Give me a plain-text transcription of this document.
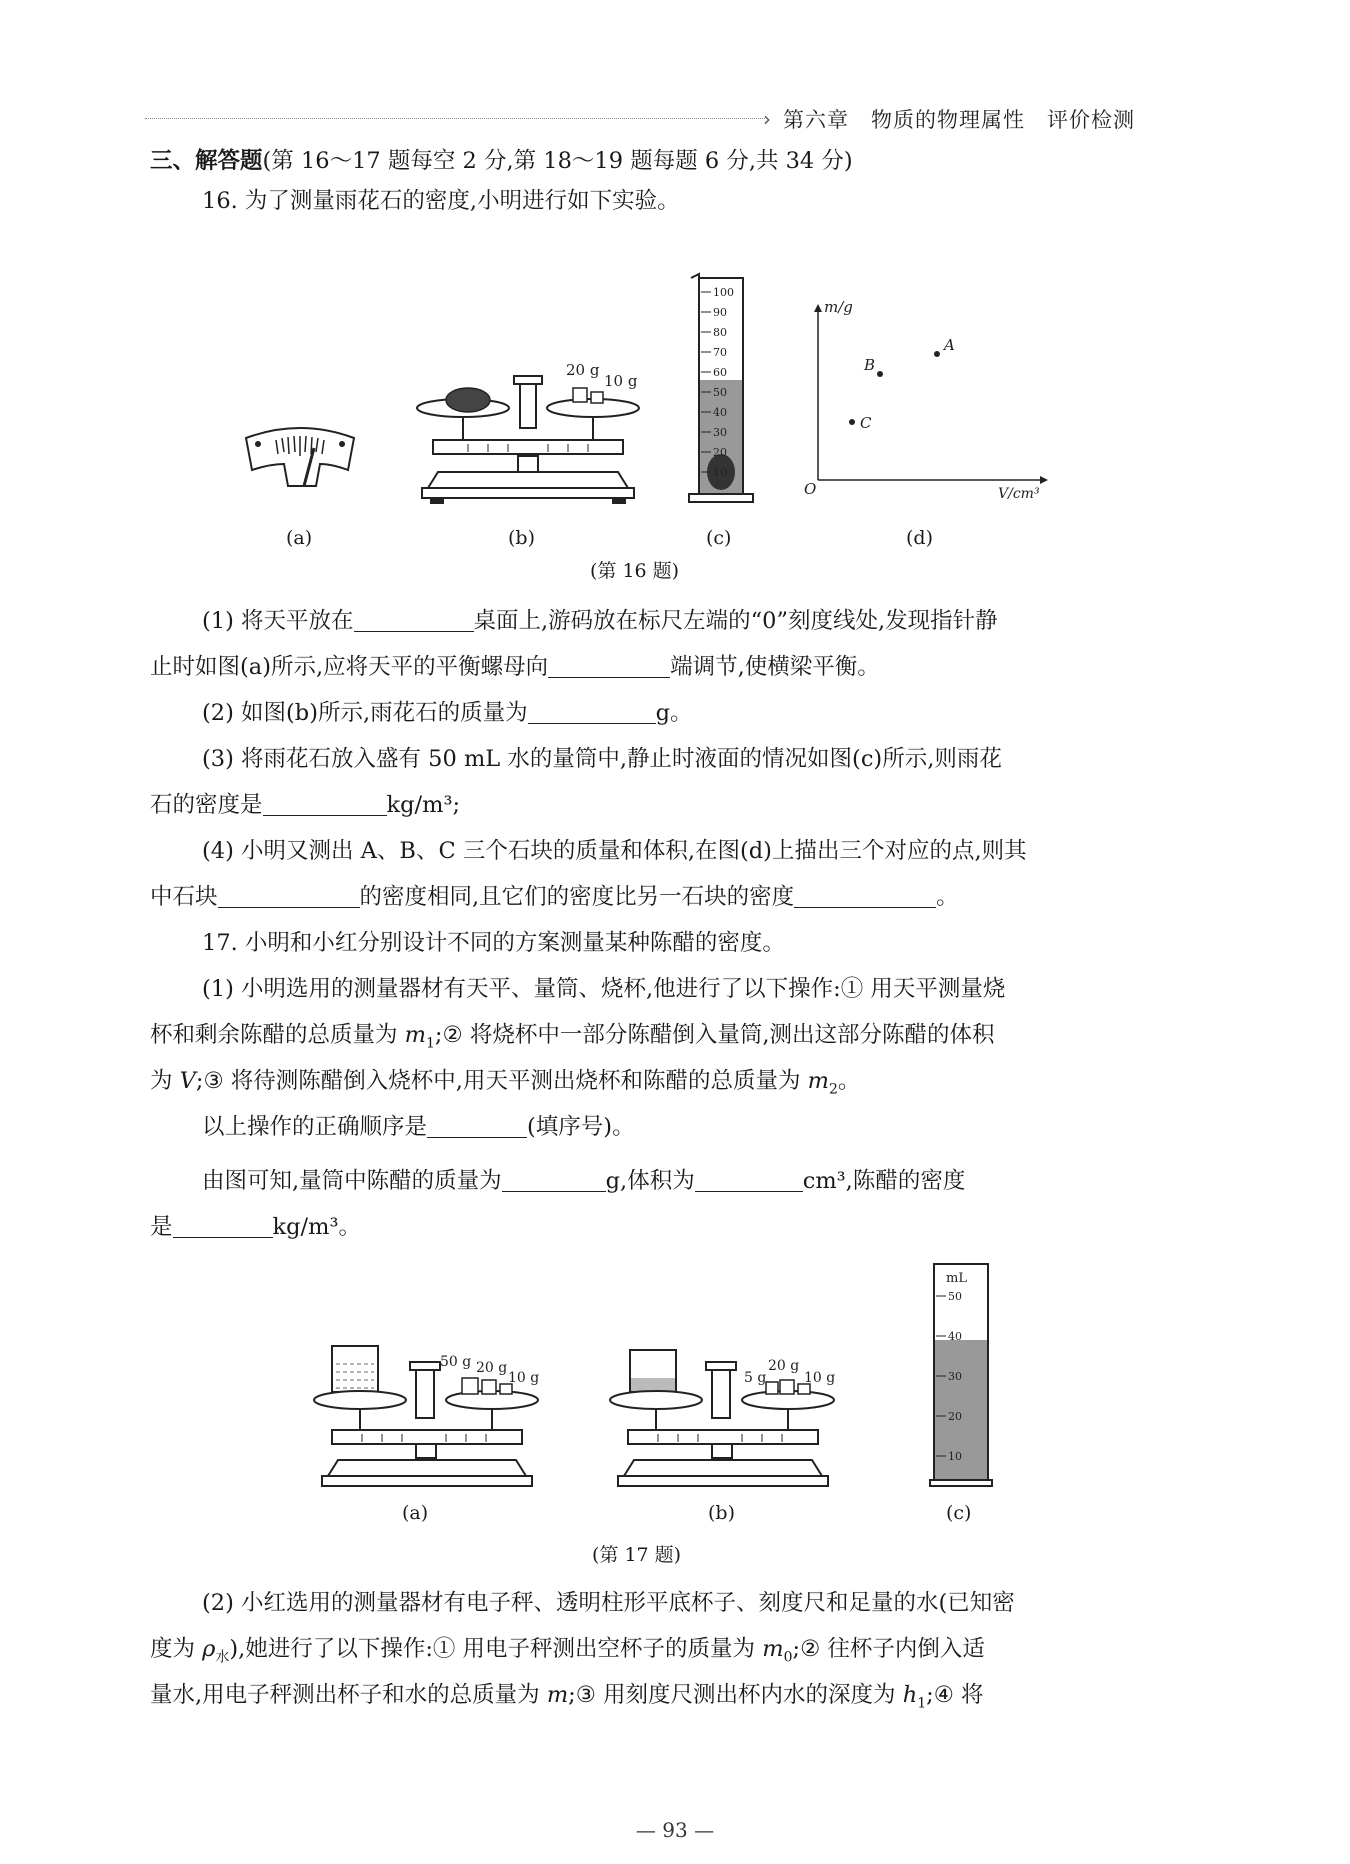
› 第六章　物质的物理属性　评价检测
三、解答题(第 16～17 题每空 2 分,第 18～19 题每题 6 分,共 34 分)
16. 为了测量雨花石的密度,小明进行如下实验。
(a)
20 g
10 g
(b)
100
90
80
70
60
50
40
30
20
10
(c)
m/g
V/cm³
O
A
B
C
(d)
(第 16 题)
(1) 将天平放在	桌面上,游码放在标尺左端的“0”刻度线处,发现指针静
止时如图(a)所示,应将天平的平衡螺母向	端调节,使横梁平衡。
(2) 如图(b)所示,雨花石的质量为	g。
(3) 将雨花石放入盛有 50 mL 水的量筒中,静止时液面的情况如图(c)所示,则雨花
石的密度是	kg/m³;
(4) 小明又测出 A、B、C 三个石块的质量和体积,在图(d)上描出三个对应的点,则其
中石块	的密度相同,且它们的密度比另一石块的密度	。
17. 小明和小红分别设计不同的方案测量某种陈醋的密度。
(1) 小明选用的测量器材有天平、量筒、烧杯,他进行了以下操作:① 用天平测量烧
杯和剩余陈醋的总质量为 $m_1;②$ 将烧杯中一部分陈醋倒入量筒,测出这部分陈醋的体积
为 V;③ 将待测陈醋倒入烧杯中,用天平测出烧杯和陈醋的总质量为 $m_2$。
以上操作的正确顺序是	(填序号)。
由图可知,量筒中陈醋的质量为	g,体积为	cm³,陈醋的密度
是	kg/m³。
50 g 20 g
10 g
(a)
5 g
20 g
10 g
(b)
mL
50
40
30
20
10
(c)
(第 17 题)
(2) 小红选用的测量器材有电子秤、透明柱形平底杯子、刻度尺和足量的水(已知密
度为 $\rho_水$),她进行了以下操作:① 用电子秤测出空杯子的质量为 $m_0;②$ 往杯子内倒入适
量水,用电子秤测出杯子和水的总质量为 m;③ 用刻度尺测出杯内水的深度为 $h_1;④$ 将
— 93 —
